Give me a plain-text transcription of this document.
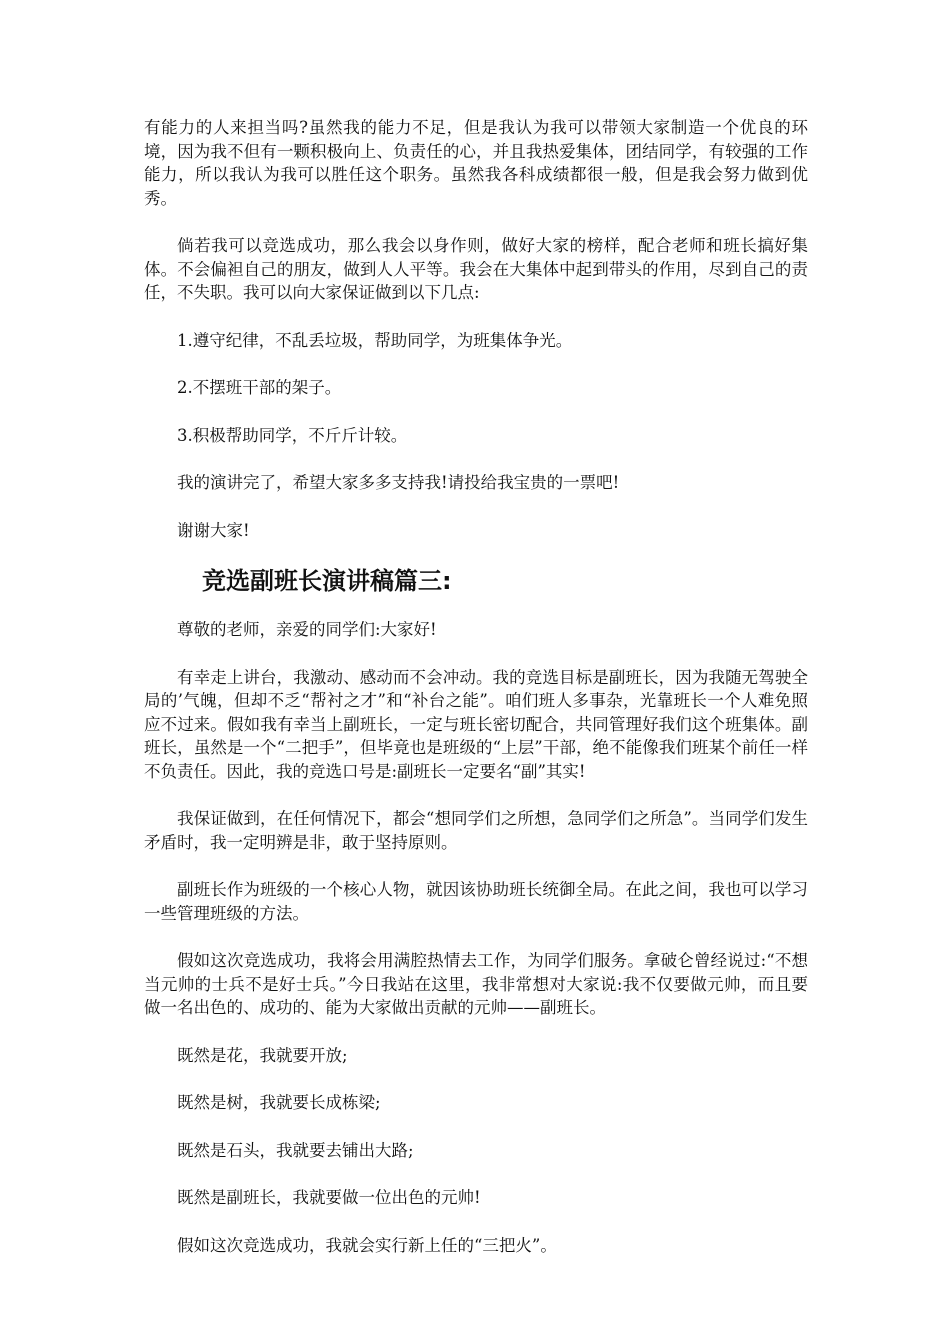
有能力的人来担当吗?虽然我的能力不足，但是我认为我可以带领大家制造一个优良的环境，因为我不但有一颗积极向上、负责任的心，并且我热爱集体，团结同学，有较强的工作能力，所以我认为我可以胜任这个职务。虽然我各科成绩都很一般，但是我会努力做到优秀。

倘若我可以竞选成功，那么我会以身作则，做好大家的榜样，配合老师和班长搞好集体。不会偏袒自己的朋友，做到人人平等。我会在大集体中起到带头的作用，尽到自己的责任，不失职。我可以向大家保证做到以下几点:

1.遵守纪律，不乱丢垃圾，帮助同学，为班集体争光。

2.不摆班干部的架子。

3.积极帮助同学，不斤斤计较。

我的演讲完了，希望大家多多支持我!请投给我宝贵的一票吧!

谢谢大家!

竞选副班长演讲稿篇三:

尊敬的老师，亲爱的同学们:大家好!

有幸走上讲台，我激动、感动而不会冲动。我的竞选目标是副班长，因为我随无驾驶全局的’气魄，但却不乏“帮衬之才”和“补台之能”。咱们班人多事杂，光靠班长一个人难免照应不过来。假如我有幸当上副班长，一定与班长密切配合，共同管理好我们这个班集体。副班长，虽然是一个“二把手”，但毕竟也是班级的“上层”干部，绝不能像我们班某个前任一样不负责任。因此，我的竞选口号是:副班长一定要名“副”其实!

我保证做到，在任何情况下，都会“想同学们之所想，急同学们之所急”。当同学们发生矛盾时，我一定明辨是非，敢于坚持原则。

副班长作为班级的一个核心人物，就因该协助班长统御全局。在此之间，我也可以学习一些管理班级的方法。

假如这次竞选成功，我将会用满腔热情去工作，为同学们服务。拿破仑曾经说过:“不想当元帅的士兵不是好士兵。”今日我站在这里，我非常想对大家说:我不仅要做元帅，而且要做一名出色的、成功的、能为大家做出贡献的元帅——副班长。

既然是花，我就要开放;

既然是树，我就要长成栋梁;

既然是石头，我就要去铺出大路;

既然是副班长，我就要做一位出色的元帅!

假如这次竞选成功，我就会实行新上任的“三把火”。
